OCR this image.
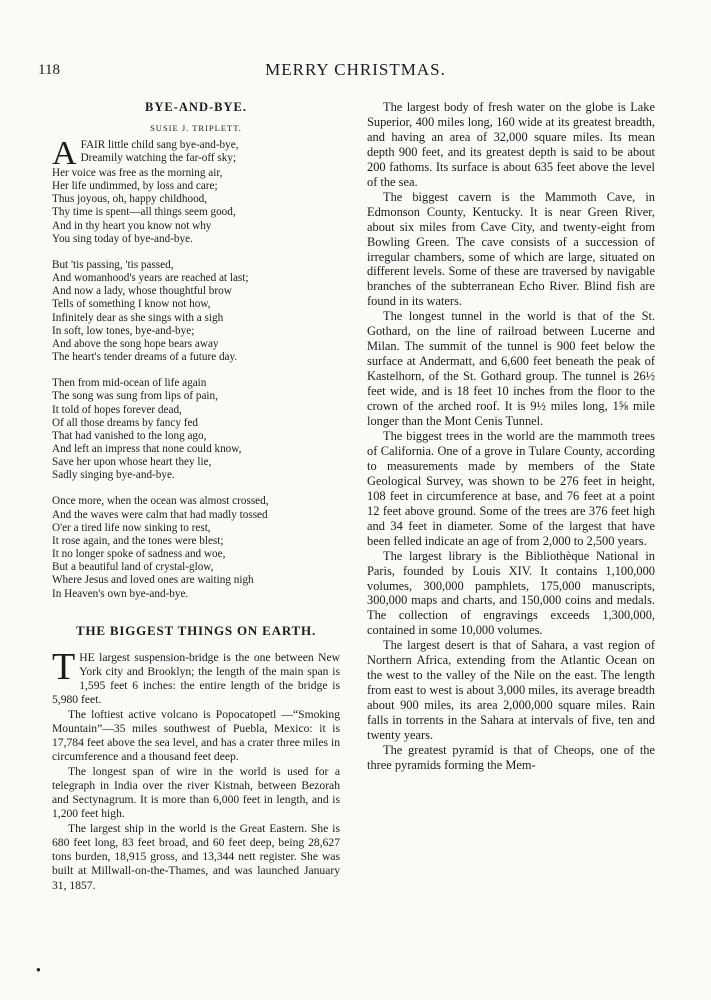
118	MERRY CHRISTMAS.
BYE-AND-BYE.
SUSIE J. TRIPLETT.
A FAIR little child sang bye-and-bye,
Dreamily watching the far-off sky;
Her voice was free as the morning air,
Her life undimmed, by loss and care;
Thus joyous, oh, happy childhood,
Thy time is spent—all things seem good,
And in thy heart you know not why
You sing today of bye-and-bye.
But 'tis passing, 'tis passed,
And womanhood's years are reached at last;
And now a lady, whose thoughtful brow
Tells of something I know not how,
Infinitely dear as she sings with a sigh
In soft, low tones, bye-and-bye;
And above the song hope bears away
The heart's tender dreams of a future day.
Then from mid-ocean of life again
The song was sung from lips of pain,
It told of hopes forever dead,
Of all those dreams by fancy fed
That had vanished to the long ago,
And left an impress that none could know,
Save her upon whose heart they lie,
Sadly singing bye-and-bye.
Once more, when the ocean was almost crossed,
And the waves were calm that had madly tossed
O'er a tired life now sinking to rest,
It rose again, and the tones were blest;
It no longer spoke of sadness and woe,
But a beautiful land of crystal-glow,
Where Jesus and loved ones are waiting nigh
In Heaven's own bye-and-bye.
THE BIGGEST THINGS ON EARTH.

THE largest suspension-bridge is the one between New York city and Brooklyn; the length of the main span is 1,595 feet 6 inches: the entire length of the bridge is 5,980 feet.

The loftiest active volcano is Popocatopetl —“Smoking Mountain”—35 miles southwest of Puebla, Mexico: it is 17,784 feet above the sea level, and has a crater three miles in circumference and a thousand feet deep.

The longest span of wire in the world is used for a telegraph in India over the river Kistnah, between Bezorah and Sectynagrum. It is more than 6,000 feet in length, and is 1,200 feet high.

The largest ship in the world is the Great Eastern. She is 680 feet long, 83 feet broad, and 60 feet deep, being 28,627 tons burden, 18,915 gross, and 13,344 nett register. She was built at Millwall-on-the-Thames, and was launched January 31, 1857.

The largest body of fresh water on the globe is Lake Superior, 400 miles long, 160 wide at its greatest breadth, and having an area of 32,000 square miles. Its mean depth 900 feet, and its greatest depth is said to be about 200 fathoms. Its surface is about 635 feet above the level of the sea.

The biggest cavern is the Mammoth Cave, in Edmonson County, Kentucky. It is near Green River, about six miles from Cave City, and twenty-eight from Bowling Green. The cave consists of a succession of irregular chambers, some of which are large, situated on different levels. Some of these are traversed by navigable branches of the subterranean Echo River. Blind fish are found in its waters.

The longest tunnel in the world is that of the St. Gothard, on the line of railroad between Lucerne and Milan. The summit of the tunnel is 900 feet below the surface at Andermatt, and 6,600 feet beneath the peak of Kastelhorn, of the St. Gothard group. The tunnel is 26½ feet wide, and is 18 feet 10 inches from the floor to the crown of the arched roof. It is 9½ miles long, 1⅝ mile longer than the Mont Cenis Tunnel.

The biggest trees in the world are the mammoth trees of California. One of a grove in Tulare County, according to measurements made by members of the State Geological Survey, was shown to be 276 feet in height, 108 feet in circumference at base, and 76 feet at a point 12 feet above ground. Some of the trees are 376 feet high and 34 feet in diameter. Some of the largest that have been felled indicate an age of from 2,000 to 2,500 years.

The largest library is the Bibliothèque National in Paris, founded by Louis XIV. It contains 1,100,000 volumes, 300,000 pamphlets, 175,000 manuscripts, 300,000 maps and charts, and 150,000 coins and medals. The collection of engravings exceeds 1,300,000, contained in some 10,000 volumes.

The largest desert is that of Sahara, a vast region of Northern Africa, extending from the Atlantic Ocean on the west to the valley of the Nile on the east. The length from east to west is about 3,000 miles, its average breadth about 900 miles, its area 2,000,000 square miles. Rain falls in torrents in the Sahara at intervals of five, ten and twenty years.

The greatest pyramid is that of Cheops, one of the three pyramids forming the Mem-

●
